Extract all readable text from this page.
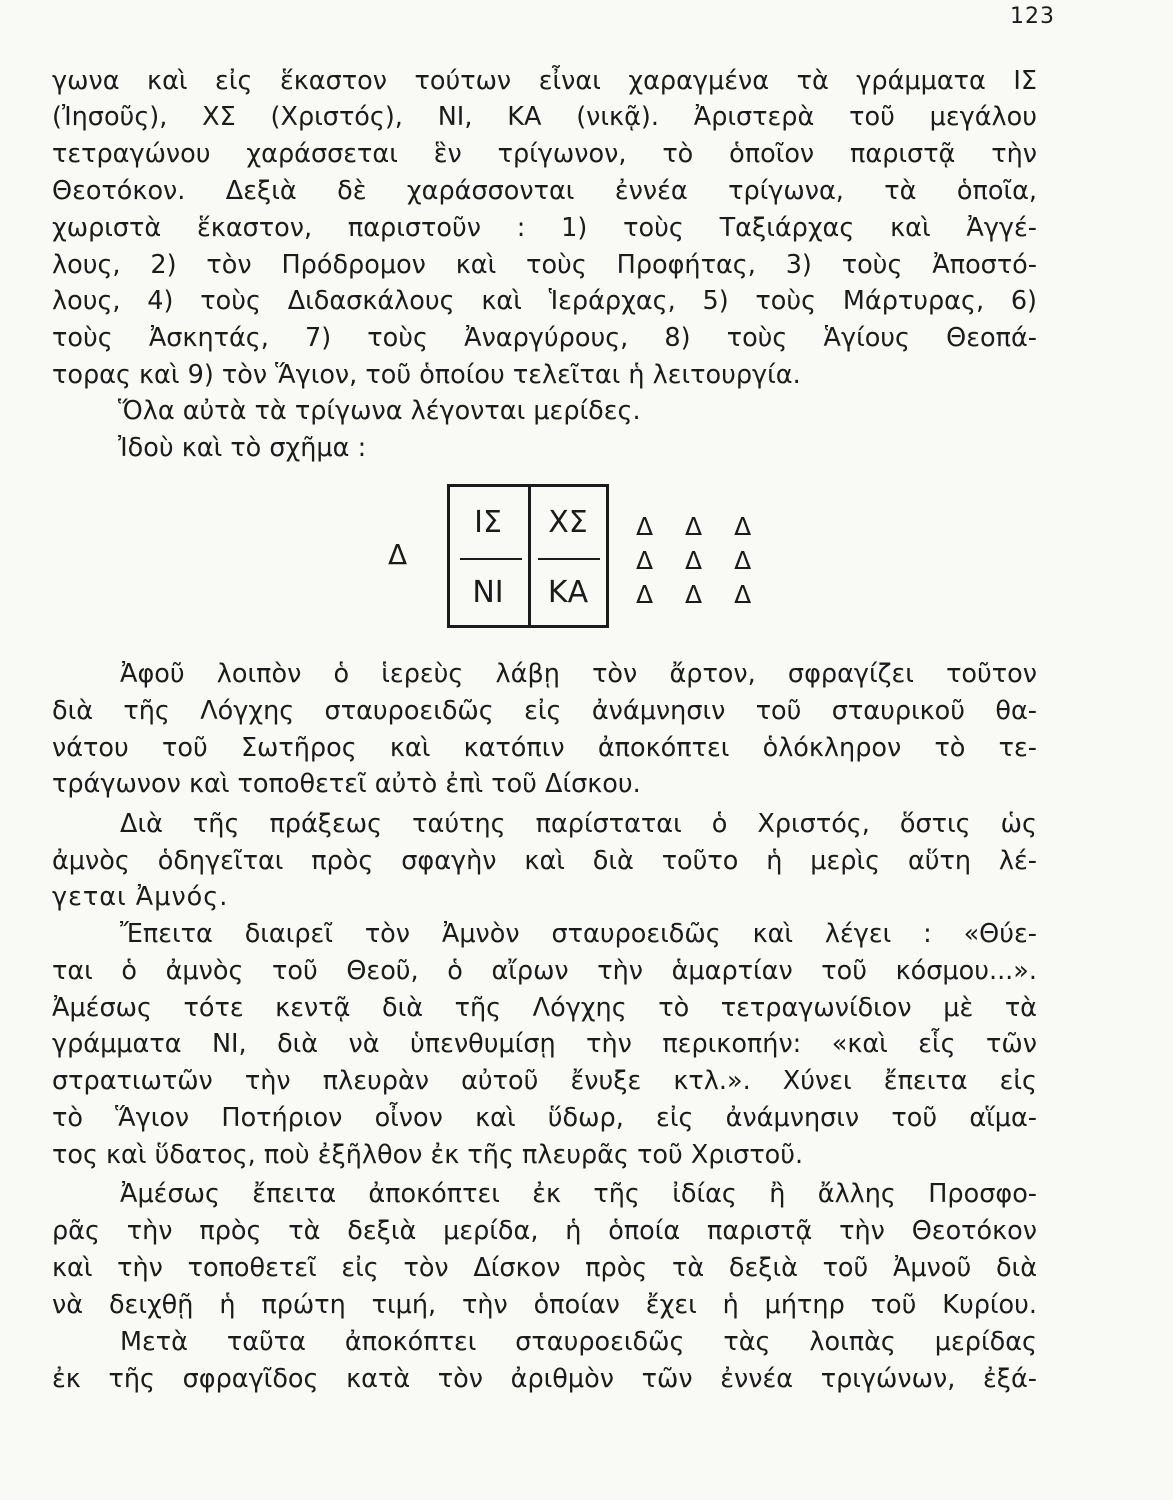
123
γωνα καὶ εἰς ἕκαστον τούτων εἶναι χαραγμένα τὰ γράμματα ΙΣ
(Ἰησοῦς), ΧΣ (Χριστός), ΝΙ, ΚΑ (νικᾷ). Ἀριστερὰ τοῦ μεγάλου
τετραγώνου χαράσσεται ἓν τρίγωνον, τὸ ὁποῖον παριστᾷ τὴν
Θεοτόκον. Δεξιὰ δὲ χαράσσονται ἐννέα τρίγωνα, τὰ ὁποῖα,
χωριστὰ ἕκαστον, παριστοῦν : 1) τοὺς Ταξιάρχας καὶ Ἀγγέ-
λους, 2) τὸν Πρόδρομον καὶ τοὺς Προφήτας, 3) τοὺς Ἀποστό-
λους, 4) τοὺς Διδασκάλους καὶ Ἱεράρχας, 5) τοὺς Μάρτυρας, 6)
τοὺς Ἀσκητάς, 7) τοὺς Ἀναργύρους, 8) τοὺς Ἁγίους Θεοπά-
τορας καὶ 9) τὸν Ἅγιον, τοῦ ὁποίου τελεῖται ἡ λειτουργία.
Ὅλα αὐτὰ τὰ τρίγωνα λέγονται μερίδες.
Ἰδοὺ καὶ τὸ σχῆμα :
Δ
ΙΣ	ΧΣ
ΝΙ	ΚΑ
Δ Δ Δ
Δ Δ Δ
Δ Δ Δ
Ἀφοῦ λοιπὸν ὁ ἱερεὺς λάβῃ τὸν ἄρτον, σφραγίζει τοῦτον
διὰ τῆς Λόγχης σταυροειδῶς εἰς ἀνάμνησιν τοῦ σταυρικοῦ θα-
νάτου τοῦ Σωτῆρος καὶ κατόπιν ἀποκόπτει ὁλόκληρον τὸ τε-
τράγωνον καὶ τοποθετεῖ αὐτὸ ἐπὶ τοῦ Δίσκου.
Διὰ τῆς πράξεως ταύτης παρίσταται ὁ Χριστός, ὅστις ὡς
ἀμνὸς ὁδηγεῖται πρὸς σφαγὴν καὶ διὰ τοῦτο ἡ μερὶς αὕτη λέ-
γεται Ἀμνός.
Ἔπειτα διαιρεῖ τὸν Ἀμνὸν σταυροειδῶς καὶ λέγει : «Θύε-
ται ὁ ἀμνὸς τοῦ Θεοῦ, ὁ αἴρων τὴν ἁμαρτίαν τοῦ κόσμου...».
Ἀμέσως τότε κεντᾷ διὰ τῆς Λόγχης τὸ τετραγωνίδιον μὲ τὰ
γράμματα ΝΙ, διὰ νὰ ὑπενθυμίσῃ τὴν περικοπήν: «καὶ εἷς τῶν
στρατιωτῶν τὴν πλευρὰν αὐτοῦ ἔνυξε κτλ.». Χύνει ἔπειτα εἰς
τὸ Ἅγιον Ποτήριον οἶνον καὶ ὕδωρ, εἰς ἀνάμνησιν τοῦ αἵμα-
τος καὶ ὕδατος, ποὺ ἐξῆλθον ἐκ τῆς πλευρᾶς τοῦ Χριστοῦ.
Ἀμέσως ἔπειτα ἀποκόπτει ἐκ τῆς ἰδίας ἢ ἄλλης Προσφο-
ρᾶς τὴν πρὸς τὰ δεξιὰ μερίδα, ἡ ὁποία παριστᾷ τὴν Θεοτόκον
καὶ τὴν τοποθετεῖ εἰς τὸν Δίσκον πρὸς τὰ δεξιὰ τοῦ Ἀμνοῦ διὰ
νὰ δειχθῇ ἡ πρώτη τιμή, τὴν ὁποίαν ἔχει ἡ μήτηρ τοῦ Κυρίου.
Μετὰ ταῦτα ἀποκόπτει σταυροειδῶς τὰς λοιπὰς μερίδας
ἐκ τῆς σφραγῖδος κατὰ τὸν ἀριθμὸν τῶν ἐννέα τριγώνων, ἐξά-
